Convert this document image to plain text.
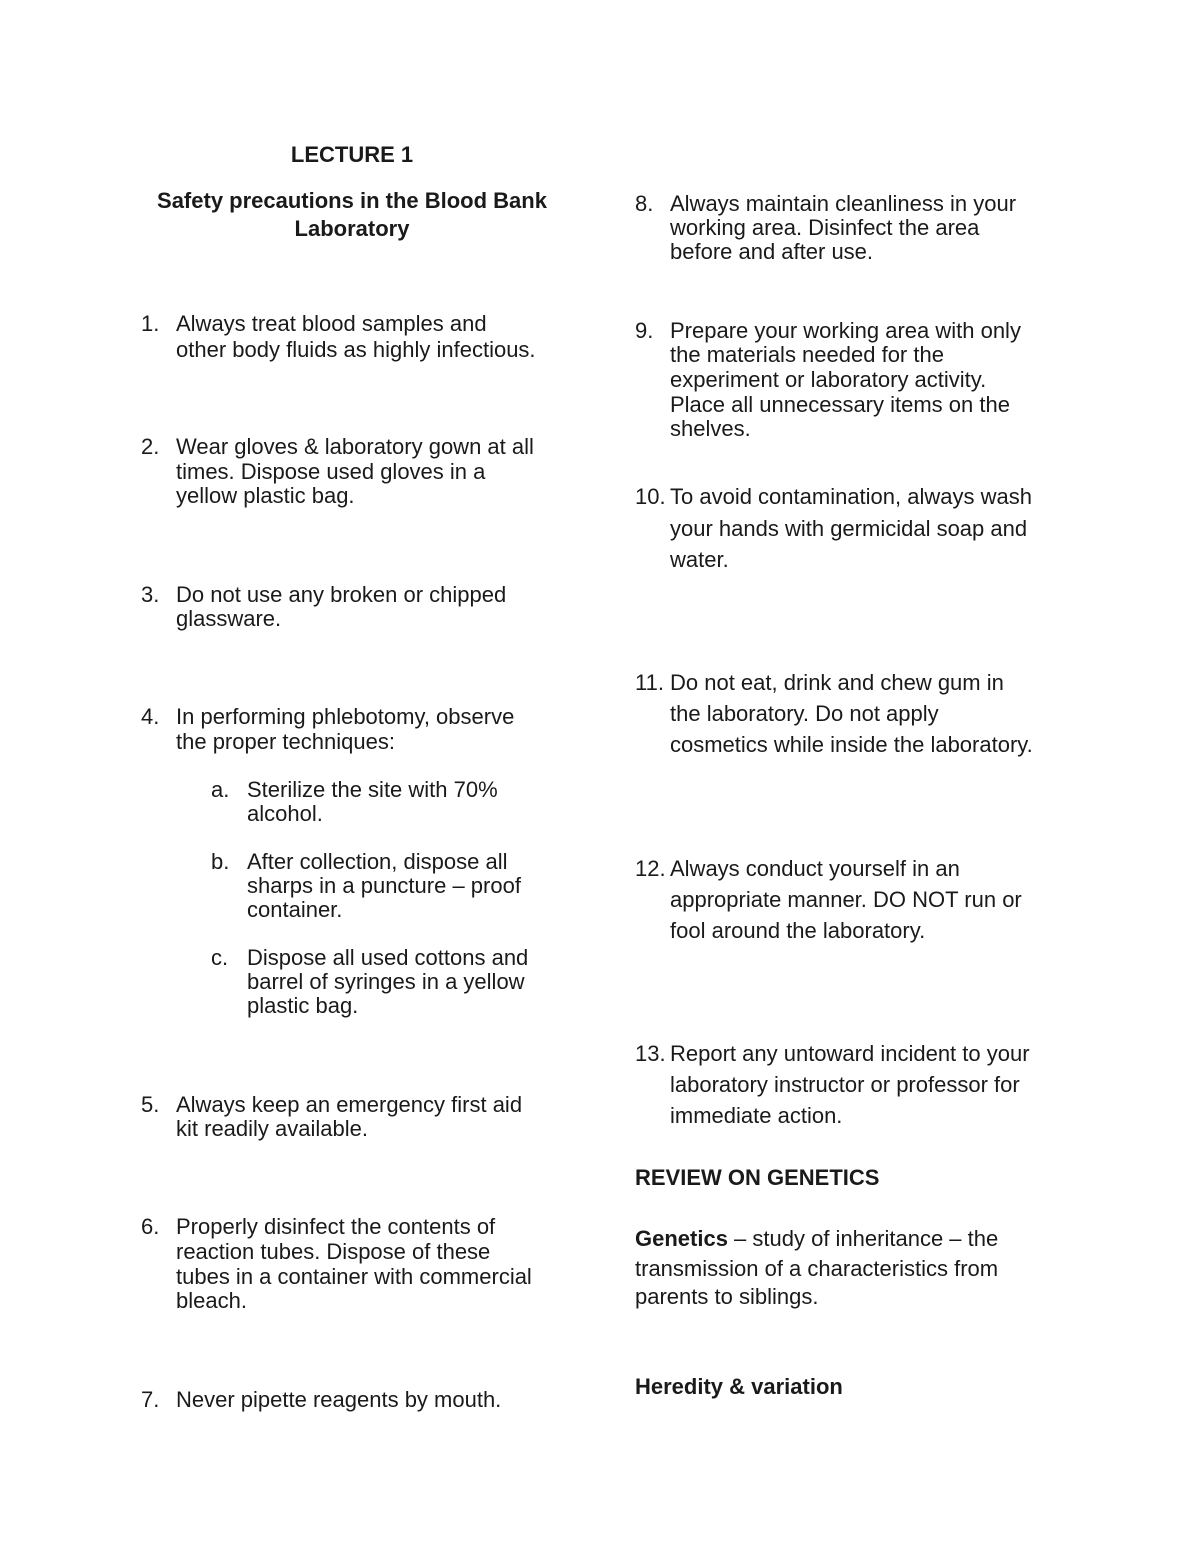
LECTURE 1
Safety precautions in the Blood Bank
Laboratory
1. Always treat blood samples and
other body fluids as highly infectious.
2. Wear gloves & laboratory gown at all
times. Dispose used gloves in a
yellow plastic bag.
3. Do not use any broken or chipped
glassware.
4. In performing phlebotomy, observe
the proper techniques:
a. Sterilize the site with 70%
alcohol.
b. After collection, dispose all
sharps in a puncture – proof
container.
c. Dispose all used cottons and
barrel of syringes in a yellow
plastic bag.
5. Always keep an emergency first aid
kit readily available.
6. Properly disinfect the contents of
reaction tubes. Dispose of these
tubes in a container with commercial
bleach.
7. Never pipette reagents by mouth.
8. Always maintain cleanliness in your
working area. Disinfect the area
before and after use.
9. Prepare your working area with only
the materials needed for the
experiment or laboratory activity.
Place all unnecessary items on the
shelves.
10. To avoid contamination, always wash
your hands with germicidal soap and
water.
11. Do not eat, drink and chew gum in
the laboratory. Do not apply
cosmetics while inside the laboratory.
12. Always conduct yourself in an
appropriate manner. DO NOT run or
fool around the laboratory.
13. Report any untoward incident to your
laboratory instructor or professor for
immediate action.
REVIEW ON GENETICS
Genetics – study of inheritance – the
transmission of a characteristics from
parents to siblings.
Heredity & variation
